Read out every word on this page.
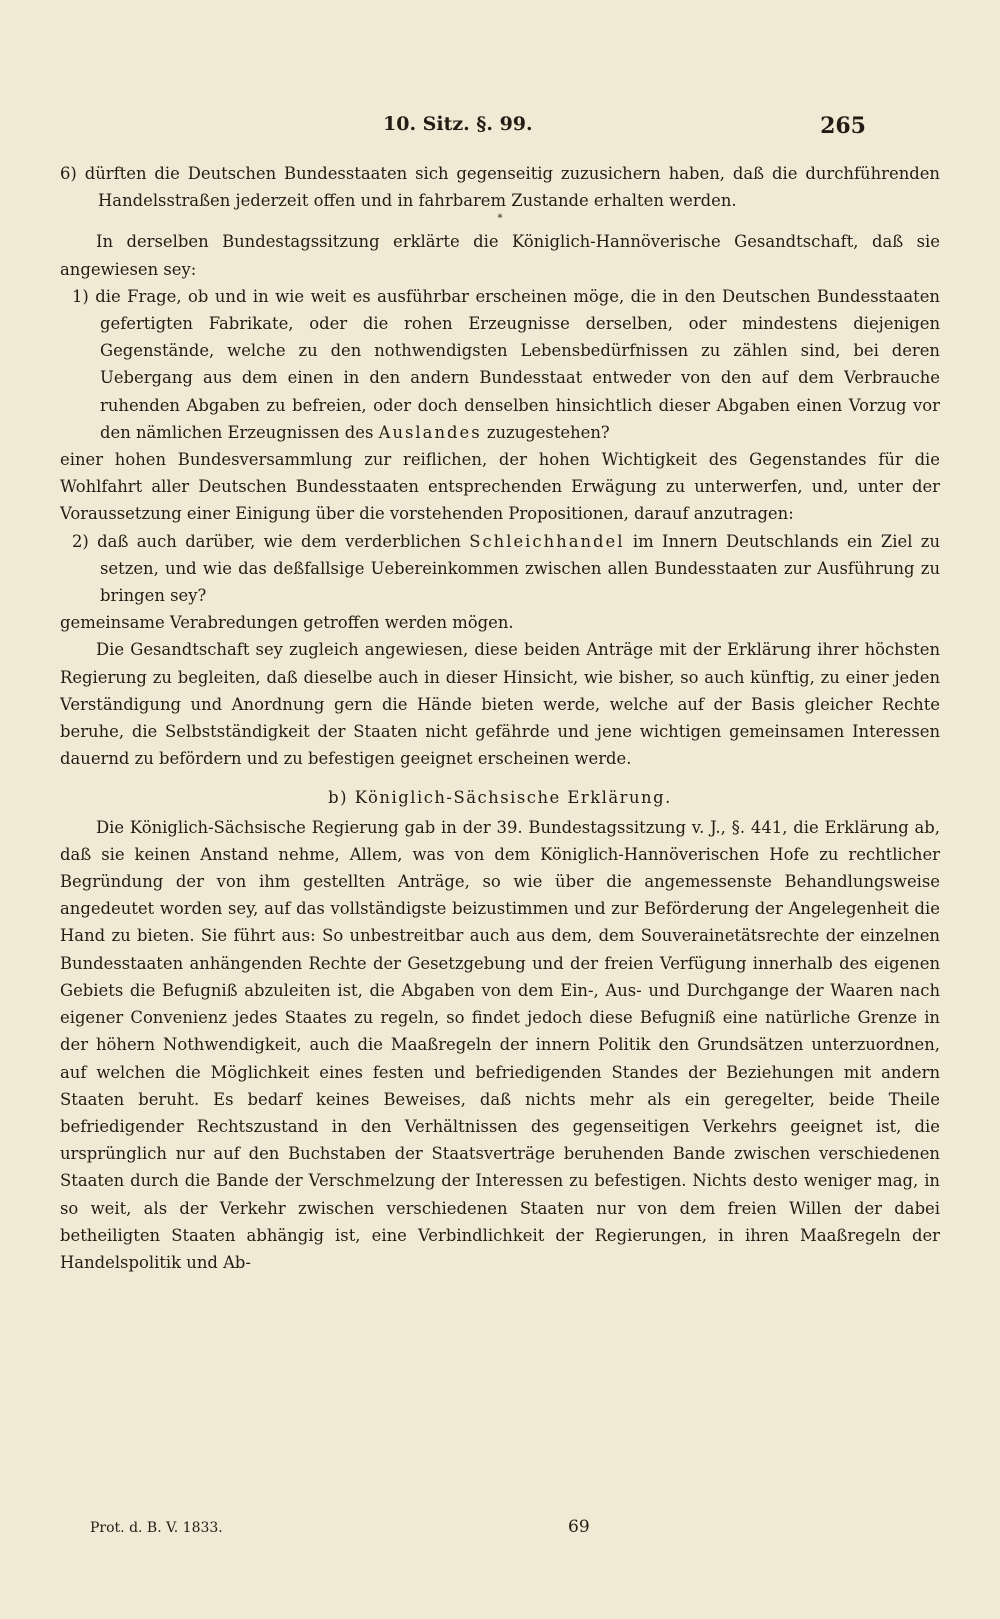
10. Sitz. §. 99.	265

6) dürften die Deutschen Bundesstaaten sich gegenseitig zuzusichern haben, daß die durchführenden Handelsstraßen jederzeit offen und in fahrbarem Zustande erhalten werden.

*

In derselben Bundestagssitzung erklärte die Königlich-Hannöverische Gesandtschaft, daß sie angewiesen sey:

1) die Frage, ob und in wie weit es ausführbar erscheinen möge, die in den Deutschen Bundesstaaten gefertigten Fabrikate, oder die rohen Erzeugnisse derselben, oder mindestens diejenigen Gegenstände, welche zu den nothwendigsten Lebensbedürfnissen zu zählen sind, bei deren Uebergang aus dem einen in den andern Bundesstaat entweder von den auf dem Verbrauche ruhenden Abgaben zu befreien, oder doch denselben hinsichtlich dieser Abgaben einen Vorzug vor den nämlichen Erzeugnissen des Auslandes zuzugestehen?

einer hohen Bundesversammlung zur reiflichen, der hohen Wichtigkeit des Gegenstandes für die Wohlfahrt aller Deutschen Bundesstaaten entsprechenden Erwägung zu unterwerfen, und, unter der Voraussetzung einer Einigung über die vorstehenden Propositionen, darauf anzutragen:

2) daß auch darüber, wie dem verderblichen Schleichhandel im Innern Deutschlands ein Ziel zu setzen, und wie das deßfallsige Uebereinkommen zwischen allen Bundesstaaten zur Ausführung zu bringen sey?

gemeinsame Verabredungen getroffen werden mögen.

Die Gesandtschaft sey zugleich angewiesen, diese beiden Anträge mit der Erklärung ihrer höchsten Regierung zu begleiten, daß dieselbe auch in dieser Hinsicht, wie bisher, so auch künftig, zu einer jeden Verständigung und Anordnung gern die Hände bieten werde, welche auf der Basis gleicher Rechte beruhe, die Selbstständigkeit der Staaten nicht gefährde und jene wichtigen gemeinsamen Interessen dauernd zu befördern und zu befestigen geeignet erscheinen werde.

b) Königlich-Sächsische Erklärung.

Die Königlich-Sächsische Regierung gab in der 39. Bundestagssitzung v. J., §. 441, die Erklärung ab, daß sie keinen Anstand nehme, Allem, was von dem Königlich-Hannöverischen Hofe zu rechtlicher Begründung der von ihm gestellten Anträge, so wie über die angemessenste Behandlungsweise angedeutet worden sey, auf das vollständigste beizustimmen und zur Beförderung der Angelegenheit die Hand zu bieten. Sie führt aus: So unbestreitbar auch aus dem, dem Souverainetätsrechte der einzelnen Bundesstaaten anhängenden Rechte der Gesetzgebung und der freien Verfügung innerhalb des eigenen Gebiets die Befugniß abzuleiten ist, die Abgaben von dem Ein-, Aus- und Durchgange der Waaren nach eigener Convenienz jedes Staates zu regeln, so findet jedoch diese Befugniß eine natürliche Grenze in der höhern Nothwendigkeit, auch die Maaßregeln der innern Politik den Grundsätzen unterzuordnen, auf welchen die Möglichkeit eines festen und befriedigenden Standes der Beziehungen mit andern Staaten beruht. Es bedarf keines Beweises, daß nichts mehr als ein geregelter, beide Theile befriedigender Rechtszustand in den Verhältnissen des gegenseitigen Verkehrs geeignet ist, die ursprünglich nur auf den Buchstaben der Staatsverträge beruhenden Bande zwischen verschiedenen Staaten durch die Bande der Verschmelzung der Interessen zu befestigen. Nichts desto weniger mag, in so weit, als der Verkehr zwischen verschiedenen Staaten nur von dem freien Willen der dabei betheiligten Staaten abhängig ist, eine Verbindlichkeit der Regierungen, in ihren Maaßregeln der Handelspolitik und Ab-

Prot. d. B. V. 1833.	69
